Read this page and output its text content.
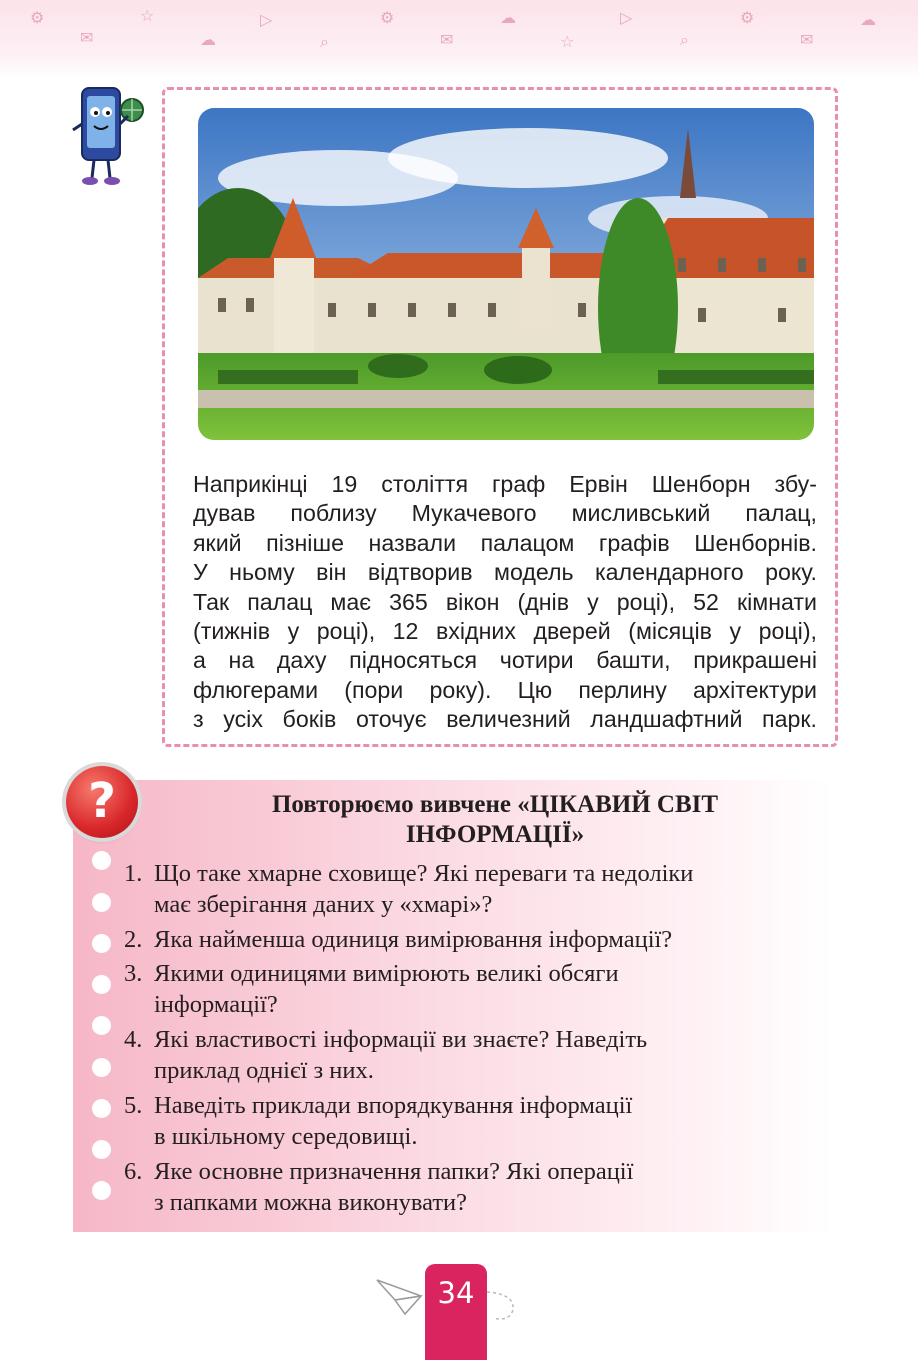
⚙
✉
☆
☁
▷
⌕
⚙
✉
☁
☆
▷
⌕
⚙
✉
☁

Наприкінці 19 століття граф Ервін Шенборн збу-
дував поблизу Мукачевого мисливський палац,
який пізніше назвали палацом графів Шенборнів.
У ньому він відтворив модель календарного року.
Так палац має 365 вікон (днів у році), 52 кімнати
(тижнів у році), 12 вхідних дверей (місяців у році),
а на даху підносяться чотири башти, прикрашені
флюгерами (пори року). Цю перлину архітектури
з усіх боків оточує величезний ландшафтний парк.

?	Повторюємо вивчене «ЦІКАВИЙ СВІТ
ІНФОРМАЦІЇ»

1. Що таке хмарне сховище? Які переваги та недоліки
має зберігання даних у «хмарі»?

2. Яка найменша одиниця вимірювання інформації?

3. Якими одиницями вимірюють великі обсяги
інформації?

4. Які властивості інформації ви знаєте? Наведіть
приклад однієї з них.

5. Наведіть приклади впорядкування інформації
в шкільному середовищі.

6. Яке основне призначення папки? Які операції
з папками можна виконувати?

34
